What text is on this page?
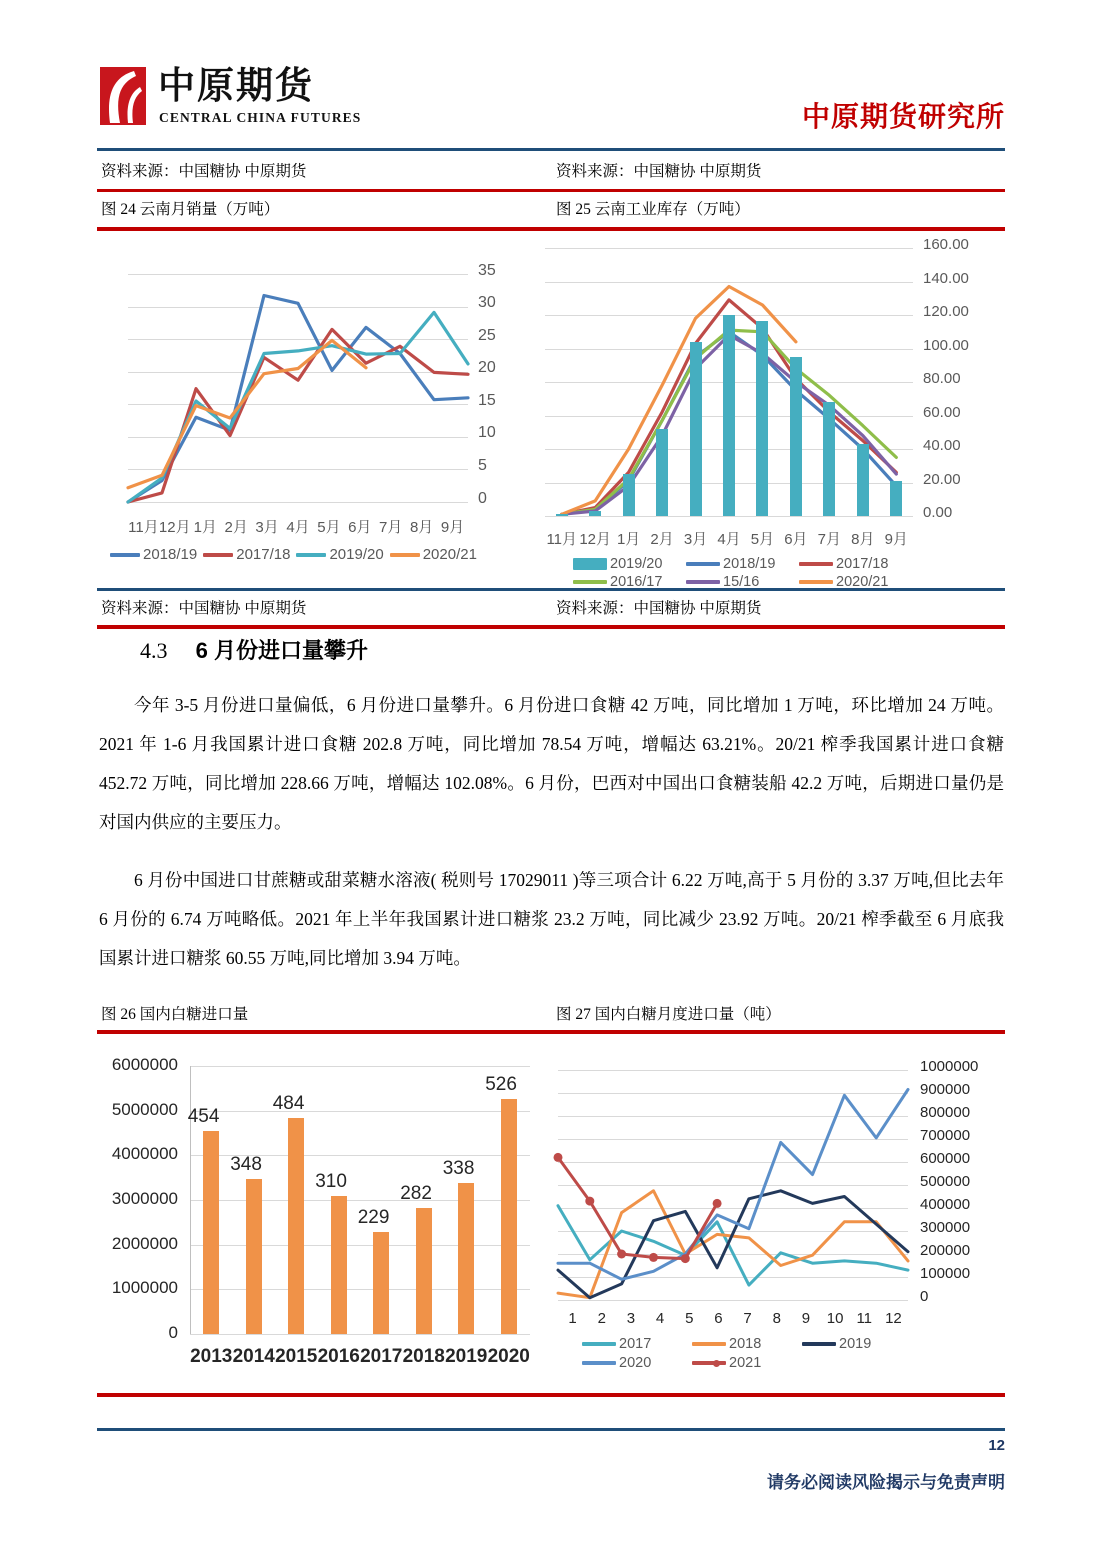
中原期货
CENTRAL CHINA FUTURES	中原期货研究所
资料来源：中国糖协 中原期货	资料来源：中国糖协 中原期货
图 24 云南月销量（万吨）	图 25 云南工业库存（万吨）
0
5
10
15
20
25
30
35
11月 12月 1月 2月 3月 4月 5月 6月 7月 8月 9月
2018/19	2017/18	2019/20	2020/21
0.00
20.00
40.00
60.00
80.00
100.00
120.00
140.00
160.00
11月 12月 1月 2月 3月 4月 5月 6月 7月 8月 9月
2019/20	2018/19	2017/18
2016/17	15/16	2020/21
资料来源：中国糖协 中原期货	资料来源：中国糖协 中原期货
4.3 6 月份进口量攀升
今年 3-5 月份进口量偏低，6 月份进口量攀升。6 月份进口食糖 42 万吨，同比增加 1 万吨，环比增加 24 万吨。2021 年 1-6 月我国累计进口食糖 202.8 万吨，同比增加 78.54 万吨，增幅达 63.21%。20/21 榨季我国累计进口食糖 452.72 万吨，同比增加 228.66 万吨，增幅达 102.08%。6 月份，巴西对中国出口食糖装船 42.2 万吨，后期进口量仍是对国内供应的主要压力。
6 月份中国进口甘蔗糖或甜菜糖水溶液( 税则号 17029011 )等三项合计 6.22 万吨,高于 5 月份的 3.37 万吨,但比去年 6 月份的 6.74 万吨略低。2021 年上半年我国累计进口糖浆 23.2 万吨，同比减少 23.92 万吨。20/21 榨季截至 6 月底我国累计进口糖浆 60.55 万吨,同比增加 3.94 万吨。
图 26 国内白糖进口量	图 27 国内白糖月度进口量（吨）
0
1000000
2000000
3000000
4000000
5000000
6000000
454
348
484
310
229
282
338
526
2013 2014 2015 2016 2017 2018 2019 2020
0
100000
200000
300000
400000
500000
600000
700000
800000
900000
1000000
1	2	3	4	5	6	7	8	9	10 11 12
2017	2018	2019
2020	2021
12
请务必阅读风险揭示与免责声明
